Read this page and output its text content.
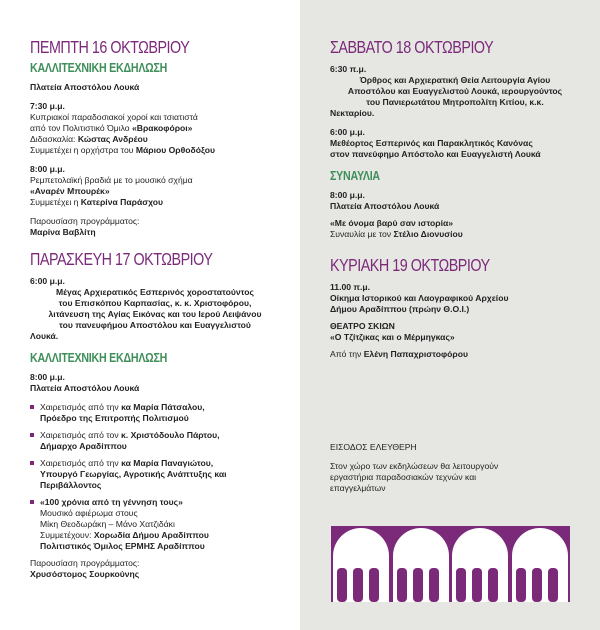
ΠΕΜΠΤΗ 16 ΟΚΤΩΒΡΙΟΥ
ΚΑΛΛΙΤΕΧΝΙΚΗ ΕΚΔΗΛΩΣΗ

Πλατεία Αποστόλου Λουκά

7:30 μ.μ.

Κυπριακοί παραδοσιακοί χοροί και τσιατιστά

από τον Πολιτιστικό Όμιλο «Βρακοφόροι»

Διδασκαλία: Κώστας Ανδρέου

Συμμετέχει η ορχήστρα του Μάριου Ορθοδόξου

8:00 μ.μ.

Ρεμπετολαϊκή βραδιά με το μουσικό σχήμα

«Αναρέν Μπουρέκ»

Συμμετέχει η Κατερίνα Παράσχου

Παρουσίαση προγράμματος:

Μαρίνα Βαβλίτη

ΠΑΡΑΣΚΕΥΗ 17 ΟΚΤΩΒΡΙΟΥ

6:00 μ.μ.

Μέγας Αρχιερατικός Εσπερινός χοροστατούντος

του Επισκόπου Καρπασίας, κ. κ. Χριστοφόρου,

λιτάνευση της Αγίας Εικόνας και του Ιερού Λειψάνου

του πανευφήμου Αποστόλου και Ευαγγελιστού

Λουκά.

ΚΑΛΛΙΤΕΧΝΙΚΗ ΕΚΔΗΛΩΣΗ

8:00 μ.μ.

Πλατεία Αποστόλου Λουκά

Χαιρετισμός από την κα Μαρία Πάτσαλου,
Πρόεδρο της Επιτροπής Πολιτισμού
Χαιρετισμός από τον κ. Χριστόδουλο Πάρτου,
Δήμαρχο Αραδίππου
Χαιρετισμός από την κα Μαρία Παναγιώτου,
Υπουργό Γεωργίας, Αγροτικής Ανάπτυξης και
Περιβάλλοντος
«100 χρόνια από τη γέννηση τους»
Μουσικό αφιέρωμα στους
Μίκη Θεοδωράκη – Μάνο Χατζιδάκι
Συμμετέχουν: Χορωδία Δήμου Αραδίππου
Πολιτιστικός Όμιλος ΕΡΜΗΣ Αραδίππου

Παρουσίαση προγράμματος:

Χρυσόστομος Σουρκούνης

ΣΑΒΒΑΤΟ 18 ΟΚΤΩΒΡΙΟΥ

6:30 π.μ.

Όρθρος και Αρχιερατική Θεία Λειτουργία Αγίου

Αποστόλου και Ευαγγελιστού Λουκά, ιερουργούντος

του Πανιερωτάτου Μητροπολίτη Κιτίου, κ.κ.

Νεκταρίου.

6:00 μ.μ.

Μεθέορτος Εσπερινός και Παρακλητικός Κανόνας

στον πανεύφημο Απόστολο και Ευαγγελιστή Λουκά

ΣΥΝΑΥΛΙΑ

8:00 μ.μ.

Πλατεία Αποστόλου Λουκά

«Με όνομα βαρύ σαν ιστορία»

Συναυλία με τον Στέλιο Διονυσίου

ΚΥΡΙΑΚΗ 19 ΟΚΤΩΒΡΙΟΥ

11.00 π.μ.

Οίκημα Ιστορικού και Λαογραφικού Αρχείου

Δήμου Αραδίππου (πρώην Θ.Ο.Ι.)

ΘΕΑΤΡΟ ΣΚΙΩΝ

«Ο Τζίτζικας και ο Μέρμηγκας»

Από την Ελένη Παπαχριστοφόρου

ΕΙΣΟΔΟΣ ΕΛΕΥΘΕΡΗ

Στον χώρο των εκδηλώσεων θα λειτουργούν

εργαστήρια παραδοσιακών τεχνών και

επαγγελμάτων
